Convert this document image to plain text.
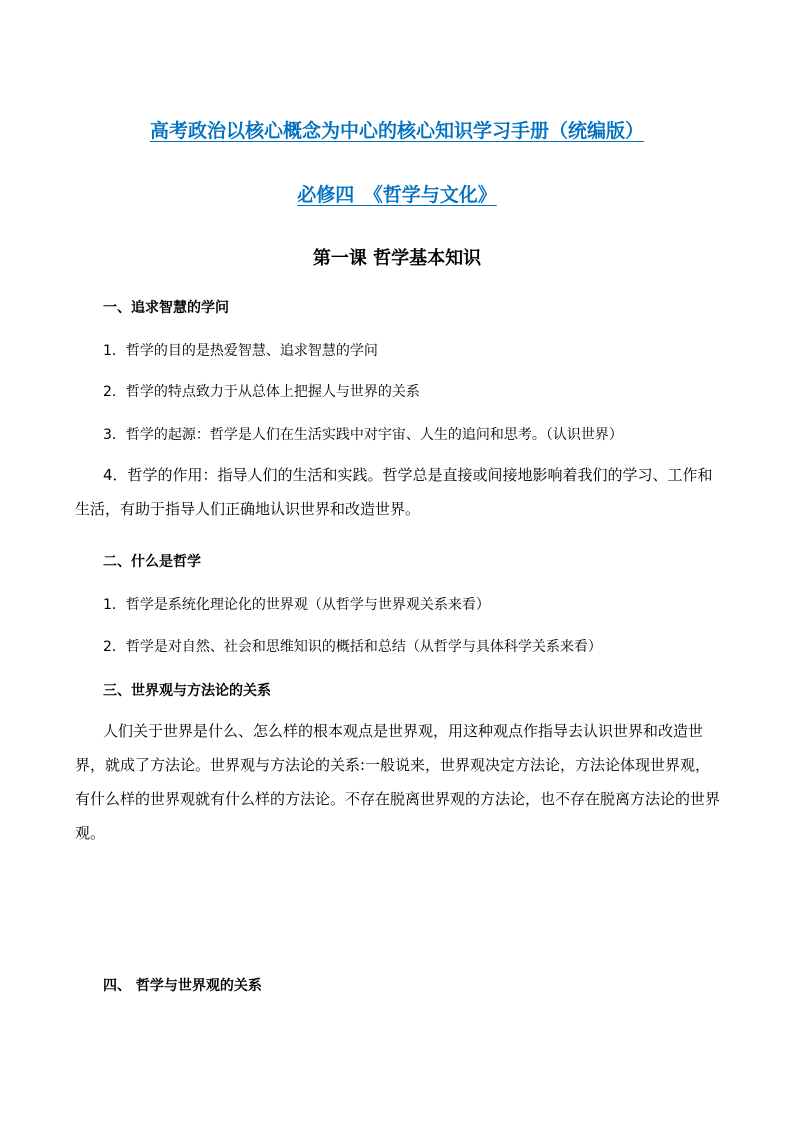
高考政治以核心概念为中心的核心知识学习手册（统编版）
必修四　《哲学与文化》
第一课 哲学基本知识
一、追求智慧的学问
1．哲学的目的是热爱智慧、追求智慧的学问
2．哲学的特点致力于从总体上把握人与世界的关系
3．哲学的起源：哲学是人们在生活实践中对宇宙、人生的追问和思考。（认识世界）
4．哲学的作用：指导人们的生活和实践。哲学总是直接或间接地影响着我们的学习、工作和生活，有助于指导人们正确地认识世界和改造世界。
二、什么是哲学
1．哲学是系统化理论化的世界观（从哲学与世界观关系来看）
2．哲学是对自然、社会和思维知识的概括和总结（从哲学与具体科学关系来看）
三、世界观与方法论的关系
人们关于世界是什么、怎么样的根本观点是世界观，用这种观点作指导去认识世界和改造世界，就成了方法论。世界观与方法论的关系:一般说来，世界观决定方法论，方法论体现世界观，有什么样的世界观就有什么样的方法论。不存在脱离世界观的方法论，也不存在脱离方法论的世界观。
四、 哲学与世界观的关系
